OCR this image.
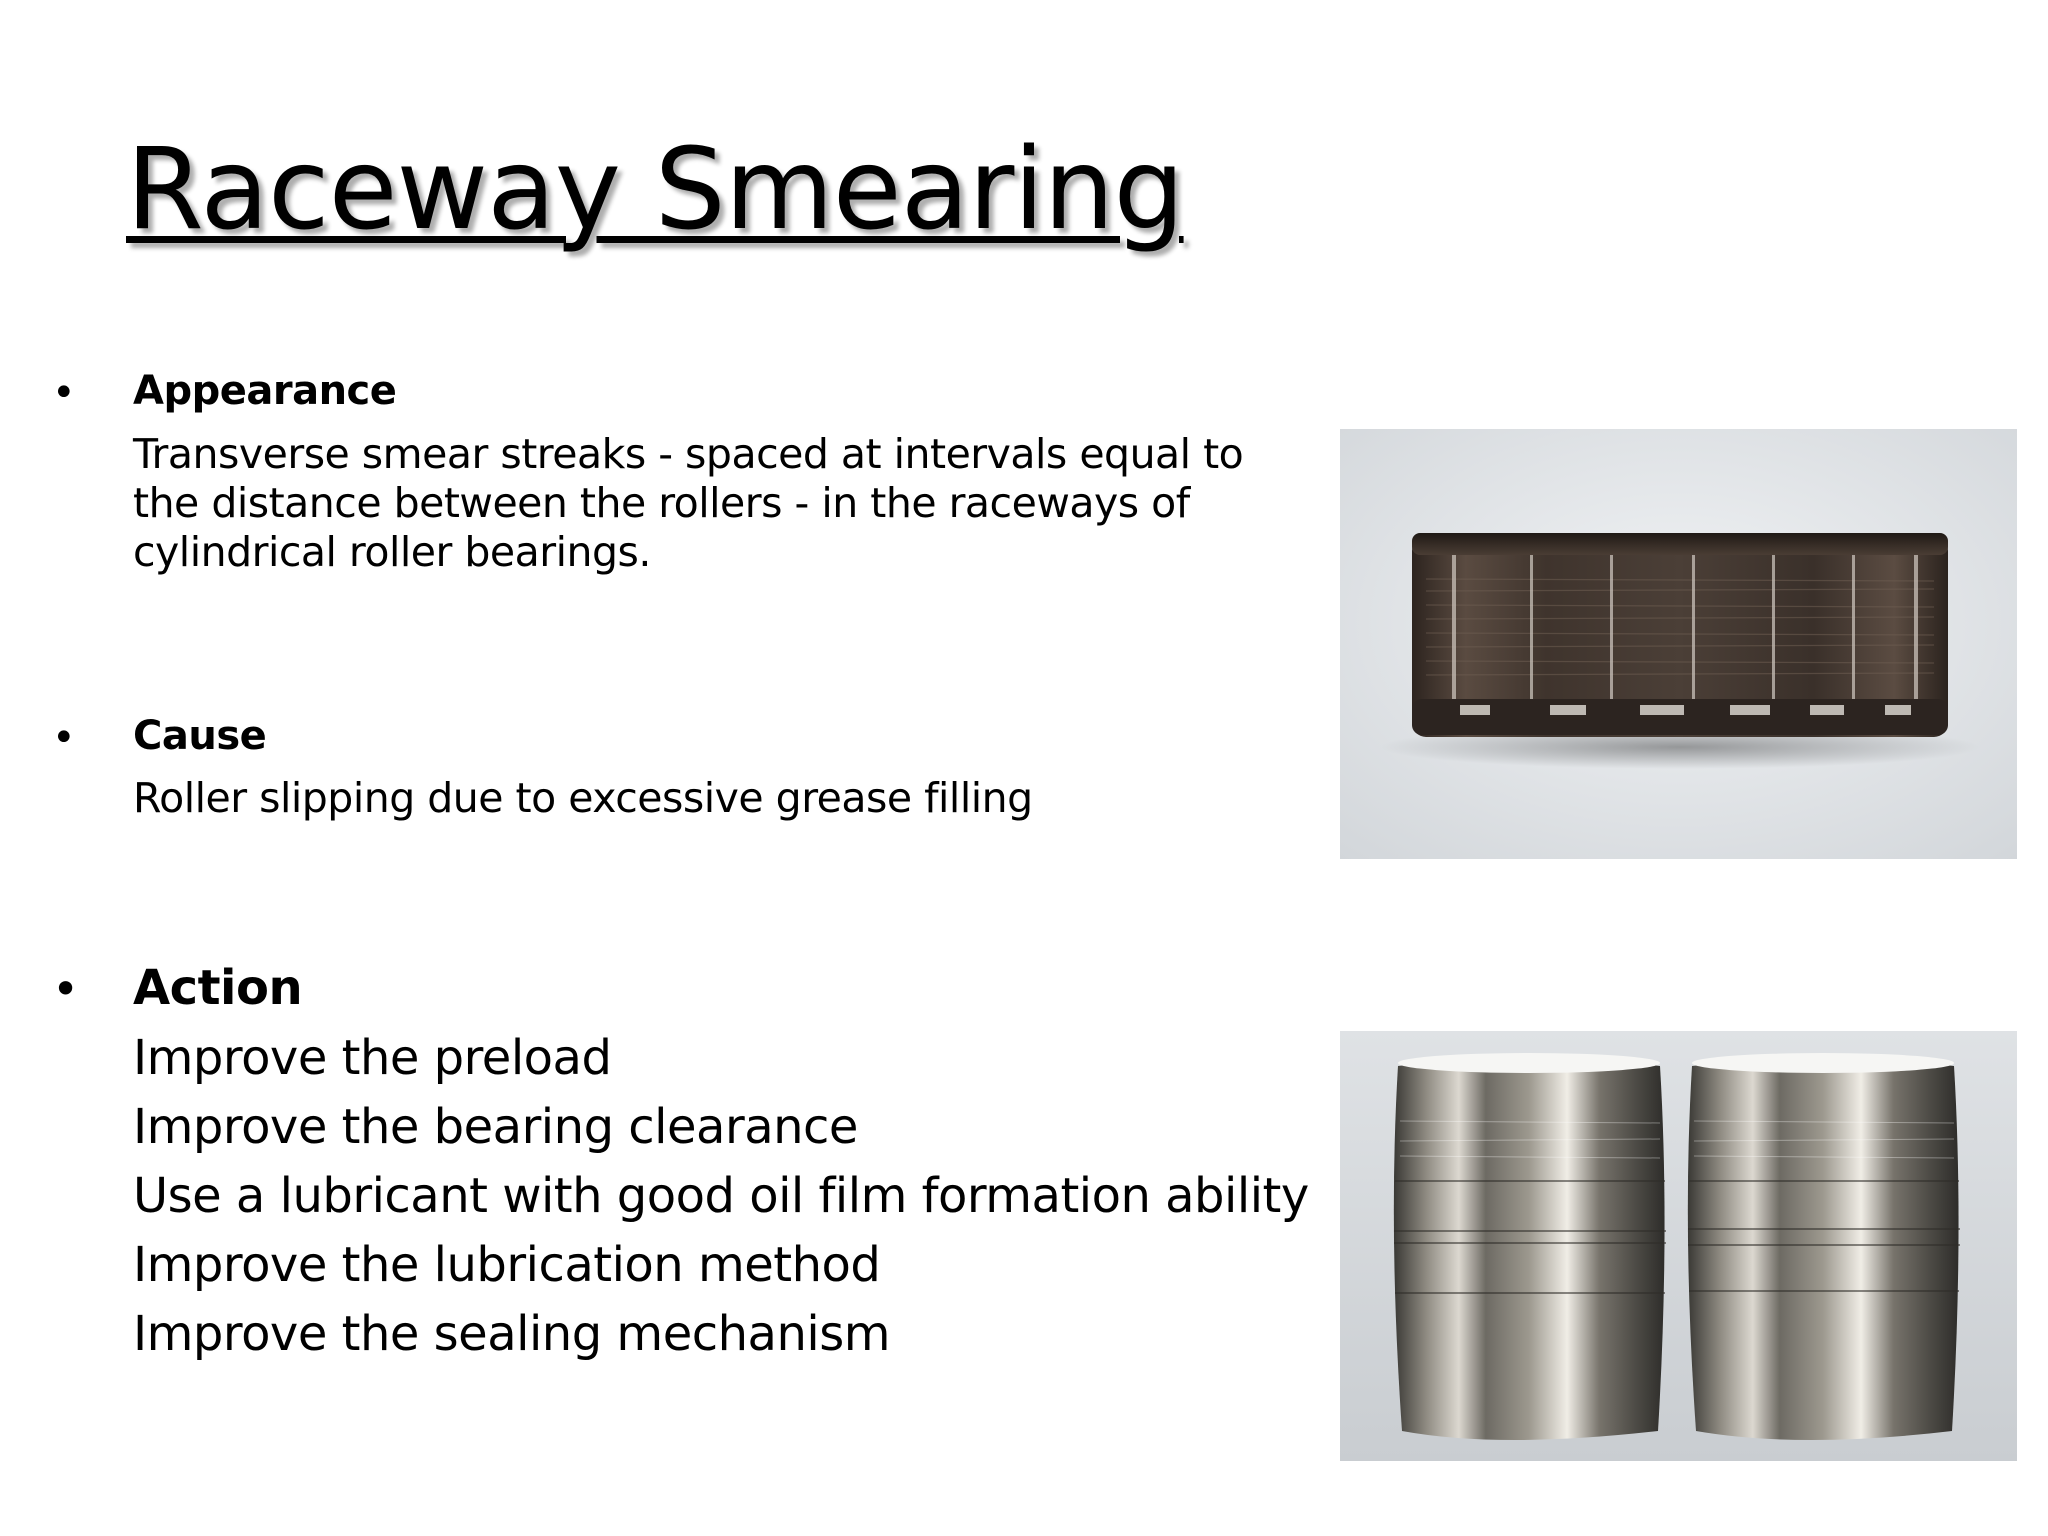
Raceway Smearing
• Appearance

Transverse smear streaks - spaced at intervals equal to the distance between the rollers - in the raceways of cylindrical roller bearings.

• Cause

Roller slipping due to excessive grease filling

• Action
Improve the preload
Improve the bearing clearance
Use a lubricant with good oil film formation ability
Improve the lubrication method
Improve the sealing mechanism
